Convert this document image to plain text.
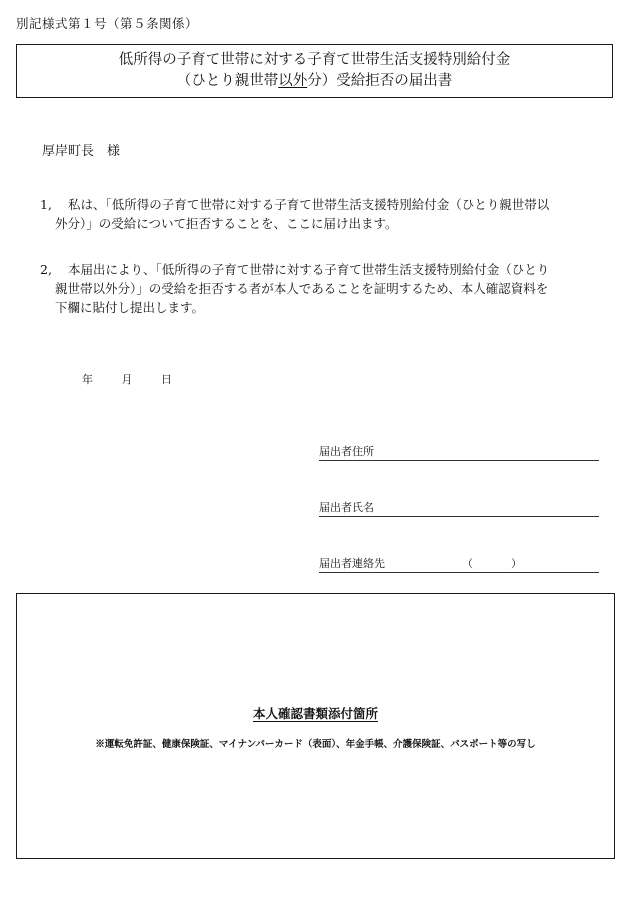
別記様式第１号（第５条関係）
低所得の子育て世帯に対する子育て世帯生活支援特別給付金
（ひとり親世帯以外分）受給拒否の届出書
厚岸町長　様
1,	私は、「低所得の子育て世帯に対する子育て世帯生活支援特別給付金（ひとり親世帯以外分）」の受給について拒否することを、ここに届け出ます。
2,	本届出により、「低所得の子育て世帯に対する子育て世帯生活支援特別給付金（ひとり親世帯以外分）」の受給を拒否する者が本人であることを証明するため、本人確認資料を下欄に貼付し提出します。
年	月	日
届出者住所
届出者氏名
届出者連絡先	（	）
本人確認書類添付箇所
※運転免許証、健康保険証、マイナンバーカード（表面）、年金手帳、介護保険証、パスポート等の写し
